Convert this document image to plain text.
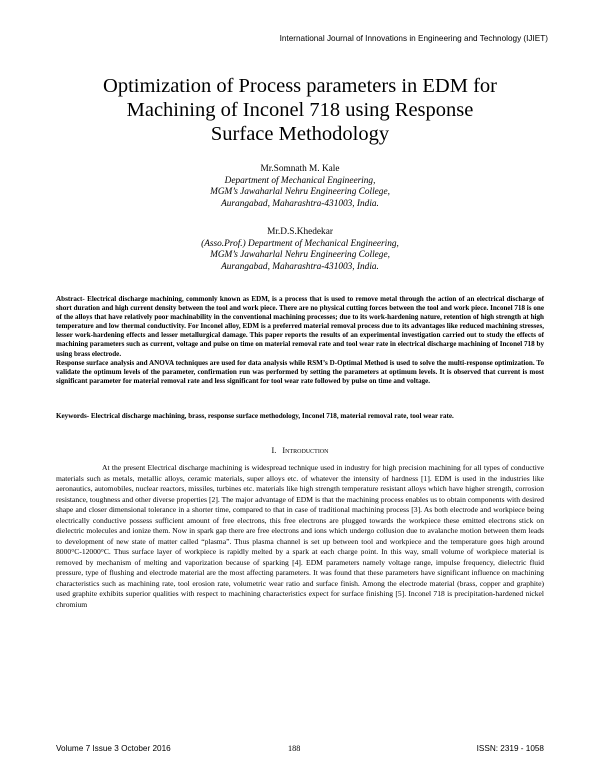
International Journal of Innovations in Engineering and Technology (IJIET)
Optimization of Process parameters in EDM for
Machining of Inconel 718 using Response
Surface Methodology
Mr.Somnath M. Kale
Department of Mechanical Engineering,
MGM’s Jawaharlal Nehru Engineering College,
Aurangabad, Maharashtra-431003, India.
Mr.D.S.Khedekar
(Asso.Prof.) Department of Mechanical Engineering,
MGM’s Jawaharlal Nehru Engineering College,
Aurangabad, Maharashtra-431003, India.

Abstract- Electrical discharge machining, commonly known as EDM, is a process that is used to remove metal through the action of an electrical discharge of short duration and high current density between the tool and work piece. There are no physical cutting forces between the tool and work piece. Inconel 718 is one of the alloys that have relatively poor machinability in the conventional machining processes; due to its work-hardening nature, retention of high strength at high temperature and low thermal conductivity. For Inconel alloy, EDM is a preferred material removal process due to its advantages like reduced machining stresses, lesser work-hardening effects and lesser metallurgical damage. This paper reports the results of an experimental investigation carried out to study the effects of machining parameters such as current, voltage and pulse on time on material removal rate and tool wear rate in electrical discharge machining of Inconel 718 by using brass electrode.

Response surface analysis and ANOVA techniques are used for data analysis while RSM’s D-Optimal Method is used to solve the multi-response optimization. To validate the optimum levels of the parameter, confirmation run was performed by setting the parameters at optimum levels. It is observed that current is most significant parameter for material removal rate and less significant for tool wear rate followed by pulse on time and voltage.

Keywords- Electrical discharge machining, brass, response surface methodology, Inconel 718, material removal rate, tool wear rate.

I. Introduction

At the present Electrical discharge machining is widespread technique used in industry for high precision machining for all types of conductive materials such as metals, metallic alloys, ceramic materials, super alloys etc. of whatever the intensity of hardness [1]. EDM is used in the industries like aeronautics, automobiles, nuclear reactors, missiles, turbines etc. materials like high strength temperature resistant alloys which have higher strength, corrosion resistance, toughness and other diverse properties [2]. The major advantage of EDM is that the machining process enables us to obtain components with desired shape and closer dimensional tolerance in a shorter time, compared to that in case of traditional machining process [3]. As both electrode and workpiece being electrically conductive possess sufficient amount of free electrons, this free electrons are plugged towards the workpiece these emitted electrons stick on dielectric molecules and ionize them. Now in spark gap there are free electrons and ions which undergo collusion due to avalanche motion between them leads to development of new state of matter called “plasma”. Thus plasma channel is set up between tool and workpiece and the temperature goes high around 8000°C-12000°C. Thus surface layer of workpiece is rapidly melted by a spark at each charge point. In this way, small volume of workpiece material is removed by mechanism of melting and vaporization because of sparking [4]. EDM parameters namely voltage range, impulse frequency, dielectric fluid pressure, type of flushing and electrode material are the most affecting parameters. It was found that these parameters have significant influence on machining characteristics such as machining rate, tool erosion rate, volumetric wear ratio and surface finish. Among the electrode material (brass, copper and graphite) used graphite exhibits superior qualities with respect to machining characteristics expect for surface finishing [5]. Inconel 718 is precipitation-hardened nickel chromium

Volume 7 Issue 3 October 2016	188	ISSN: 2319 - 1058
